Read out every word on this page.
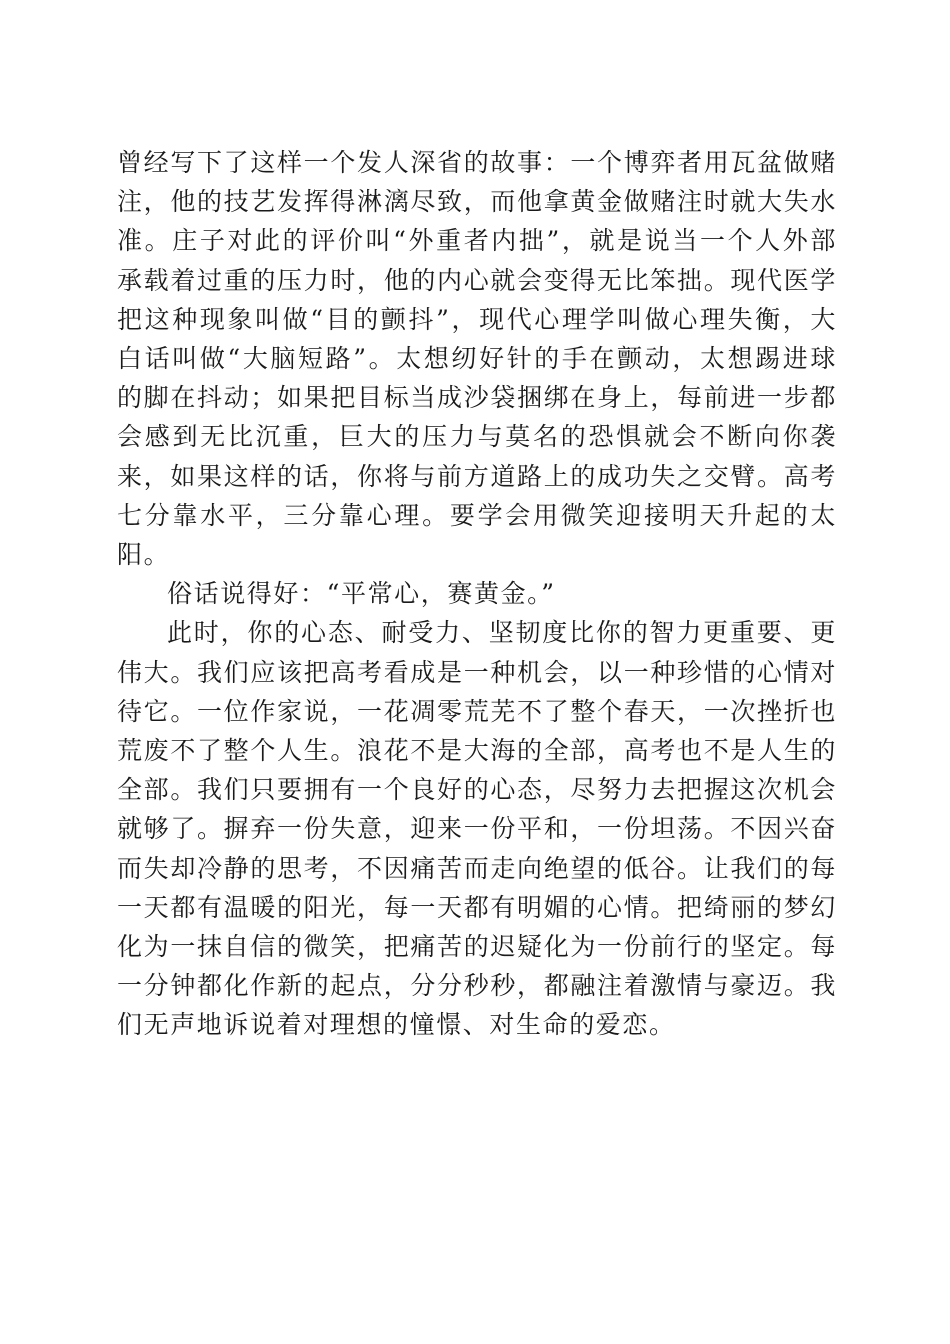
曾经写下了这样一个发人深省的故事：一个博弈者用瓦盆做赌注，他的技艺发挥得淋漓尽致，而他拿黄金做赌注时就大失水准。庄子对此的评价叫“外重者内拙”，就是说当一个人外部承载着过重的压力时，他的内心就会变得无比笨拙。现代医学把这种现象叫做“目的颤抖”，现代心理学叫做心理失衡，大白话叫做“大脑短路”。太想纫好针的手在颤动，太想踢进球的脚在抖动；如果把目标当成沙袋捆绑在身上，每前进一步都会感到无比沉重，巨大的压力与莫名的恐惧就会不断向你袭来，如果这样的话，你将与前方道路上的成功失之交臂。高考七分靠水平，三分靠心理。要学会用微笑迎接明天升起的太阳。

俗话说得好：“平常心，赛黄金。”

此时，你的心态、耐受力、坚韧度比你的智力更重要、更伟大。我们应该把高考看成是一种机会，以一种珍惜的心情对待它。一位作家说，一花凋零荒芜不了整个春天，一次挫折也荒废不了整个人生。浪花不是大海的全部，高考也不是人生的全部。我们只要拥有一个良好的心态，尽努力去把握这次机会就够了。摒弃一份失意，迎来一份平和，一份坦荡。不因兴奋而失却冷静的思考，不因痛苦而走向绝望的低谷。让我们的每一天都有温暖的阳光，每一天都有明媚的心情。把绮丽的梦幻化为一抹自信的微笑，把痛苦的迟疑化为一份前行的坚定。每一分钟都化作新的起点，分分秒秒，都融注着激情与豪迈。我们无声地诉说着对理想的憧憬、对生命的爱恋。
